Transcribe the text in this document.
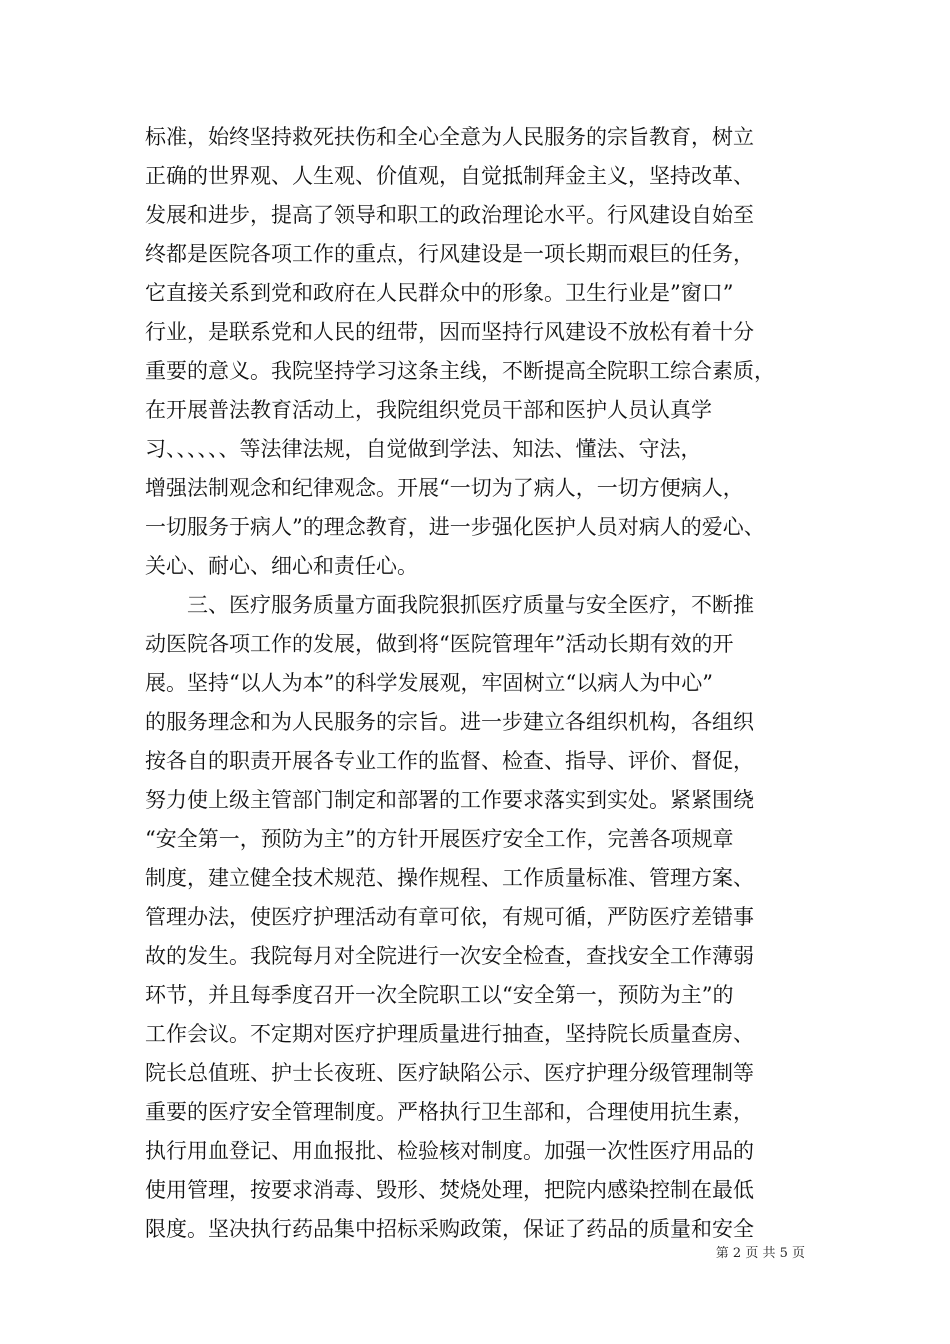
标准，始终坚持救死扶伤和全心全意为人民服务的宗旨教育，树立
正确的世界观、人生观、价值观，自觉抵制拜金主义，坚持改革、
发展和进步，提高了领导和职工的政治理论水平。行风建设自始至
终都是医院各项工作的重点，行风建设是一项长期而艰巨的任务，
它直接关系到党和政府在人民群众中的形象。卫生行业是”窗口”
行业，是联系党和人民的纽带，因而坚持行风建设不放松有着十分
重要的意义。我院坚持学习这条主线，不断提高全院职工综合素质，
在开展普法教育活动上，我院组织党员干部和医护人员认真学
习、、、、、、等法律法规，自觉做到学法、知法、懂法、守法，
增强法制观念和纪律观念。开展“一切为了病人，一切方便病人，
一切服务于病人”的理念教育，进一步强化医护人员对病人的爱心、
关心、耐心、细心和责任心。
三、医疗服务质量方面我院狠抓医疗质量与安全医疗，不断推
动医院各项工作的发展，做到将“医院管理年”活动长期有效的开
展。坚持“以人为本”的科学发展观，牢固树立“以病人为中心”
的服务理念和为人民服务的宗旨。进一步建立各组织机构，各组织
按各自的职责开展各专业工作的监督、检查、指导、评价、督促，
努力使上级主管部门制定和部署的工作要求落实到实处。紧紧围绕
“安全第一，预防为主”的方针开展医疗安全工作，完善各项规章
制度，建立健全技术规范、操作规程、工作质量标准、管理方案、
管理办法，使医疗护理活动有章可依，有规可循，严防医疗差错事
故的发生。我院每月对全院进行一次安全检查，查找安全工作薄弱
环节，并且每季度召开一次全院职工以“安全第一，预防为主”的
工作会议。不定期对医疗护理质量进行抽查，坚持院长质量查房、
院长总值班、护士长夜班、医疗缺陷公示、医疗护理分级管理制等
重要的医疗安全管理制度。严格执行卫生部和，合理使用抗生素，
执行用血登记、用血报批、检验核对制度。加强一次性医疗用品的
使用管理，按要求消毒、毁形、焚烧处理，把院内感染控制在最低
限度。坚决执行药品集中招标采购政策，保证了药品的质量和安全
第 2 页 共 5 页
